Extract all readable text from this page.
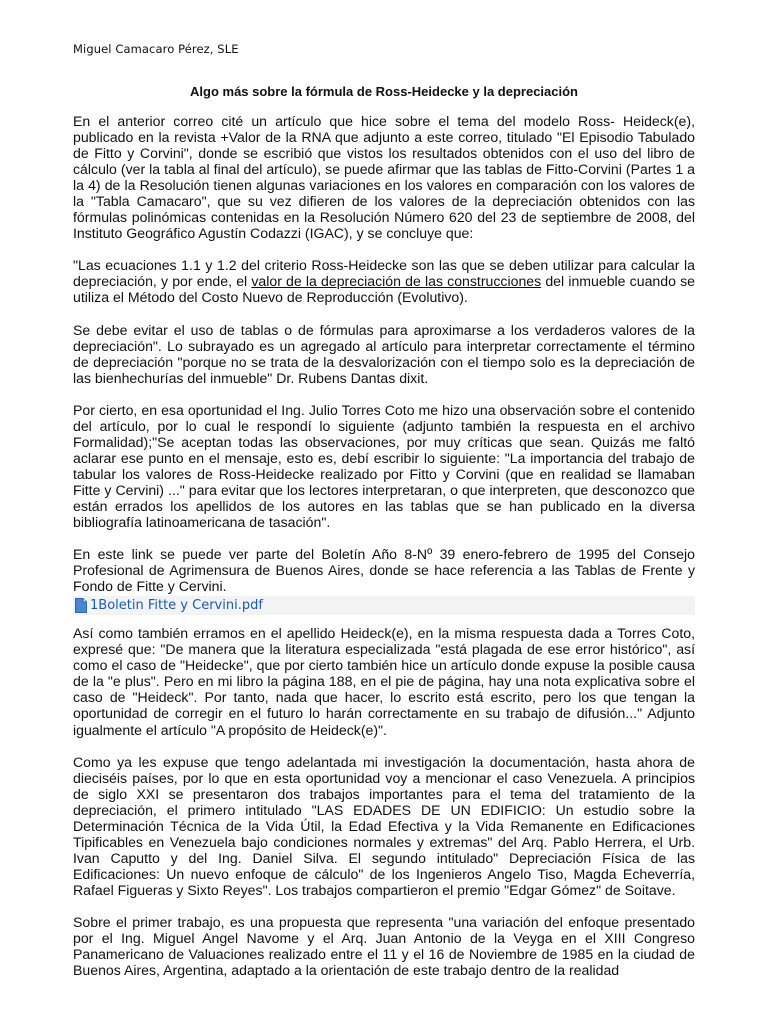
Miguel Camacaro Pérez, SLE
Algo más sobre la fórmula de Ross-Heidecke y la depreciación

En el anterior correo cité un artículo que hice sobre el tema del modelo Ross- Heideck(e), publicado en la revista +Valor de la RNA que adjunto a este correo, titulado "El Episodio Tabulado de Fitto y Corvini", donde se escribió que vistos los resultados obtenidos con el uso del libro de cálculo (ver la tabla al final del artículo), se puede afirmar que las tablas de Fitto-Corvini (Partes 1 a la 4) de la Resolución tienen algunas variaciones en los valores en comparación con los valores de la "Tabla Camacaro", que su vez difieren de los valores de la depreciación obtenidos con las fórmulas polinómicas contenidas en la Resolución Número 620 del 23 de septiembre de 2008, del Instituto Geográfico Agustín Codazzi (IGAC), y se concluye que:

"Las ecuaciones 1.1 y 1.2 del criterio Ross-Heidecke son las que se deben utilizar para calcular la depreciación, y por ende, el valor de la depreciación de las construcciones del inmueble cuando se utiliza el Método del Costo Nuevo de Reproducción (Evolutivo).

Se debe evitar el uso de tablas o de fórmulas para aproximarse a los verdaderos valores de la depreciación". Lo subrayado es un agregado al artículo para interpretar correctamente el término de depreciación "porque no se trata de la desvalorización con el tiempo solo es la depreciación de las bienhechurías del inmueble" Dr. Rubens Dantas dixit.

Por cierto, en esa oportunidad el Ing. Julio Torres Coto me hizo una observación sobre el contenido del artículo, por lo cual le respondí lo siguiente (adjunto también la respuesta en el archivo Formalidad);"Se aceptan todas las observaciones, por muy críticas que sean. Quizás me faltó aclarar ese punto en el mensaje, esto es, debí escribir lo siguiente: "La importancia del trabajo de tabular los valores de Ross-Heidecke realizado por Fitto y Corvini (que en realidad se llamaban Fitte y Cervini) ..." para evitar que los lectores interpretaran, o que interpreten, que desconozco que están errados los apellidos de los autores en las tablas que se han publicado en la diversa bibliografía latinoamericana de tasación".

En este link se puede ver parte del Boletín Año 8-Nº 39 enero-febrero de 1995 del Consejo Profesional de Agrimensura de Buenos Aires, donde se hace referencia a las Tablas de Frente y Fondo de Fitte y Cervini.

1Boletin Fitte y Cervini.pdf

Así como también erramos en el apellido Heideck(e), en la misma respuesta dada a Torres Coto, expresé que: "De manera que la literatura especializada "está plagada de ese error histórico", así como el caso de "Heidecke", que por cierto también hice un artículo donde expuse la posible causa de la "e plus". Pero en mi libro la página 188, en el pie de página, hay una nota explicativa sobre el caso de "Heideck". Por tanto, nada que hacer, lo escrito está escrito, pero los que tengan la oportunidad de corregir en el futuro lo harán correctamente en su trabajo de difusión..." Adjunto igualmente el artículo "A propósito de Heideck(e)".

Como ya les expuse que tengo adelantada mi investigación la documentación, hasta ahora de dieciséis países, por lo que en esta oportunidad voy a mencionar el caso Venezuela. A principios de siglo XXI se presentaron dos trabajos importantes para el tema del tratamiento de la depreciación, el primero intitulado "LAS EDADES DE UN EDIFICIO: Un estudio sobre la Determinación Técnica de la Vida Útil, la Edad Efectiva y la Vida Remanente en Edificaciones Tipificables en Venezuela bajo condiciones normales y extremas" del Arq. Pablo Herrera, el Urb. Ivan Caputto y del Ing. Daniel Silva. El segundo intitulado" Depreciación Física de las Edificaciones: Un nuevo enfoque de cálculo" de los Ingenieros Angelo Tiso, Magda Echeverría, Rafael Figueras y Sixto Reyes". Los trabajos compartieron el premio "Edgar Gómez" de Soitave.

Sobre el primer trabajo, es una propuesta que representa "una variación del enfoque presentado por el Ing. Miguel Angel Navome y el Arq. Juan Antonio de la Veyga en el XIII Congreso Panamericano de Valuaciones realizado entre el 11 y el 16 de Noviembre de 1985 en la ciudad de Buenos Aires, Argentina, adaptado a la orientación de este trabajo dentro de la realidad
